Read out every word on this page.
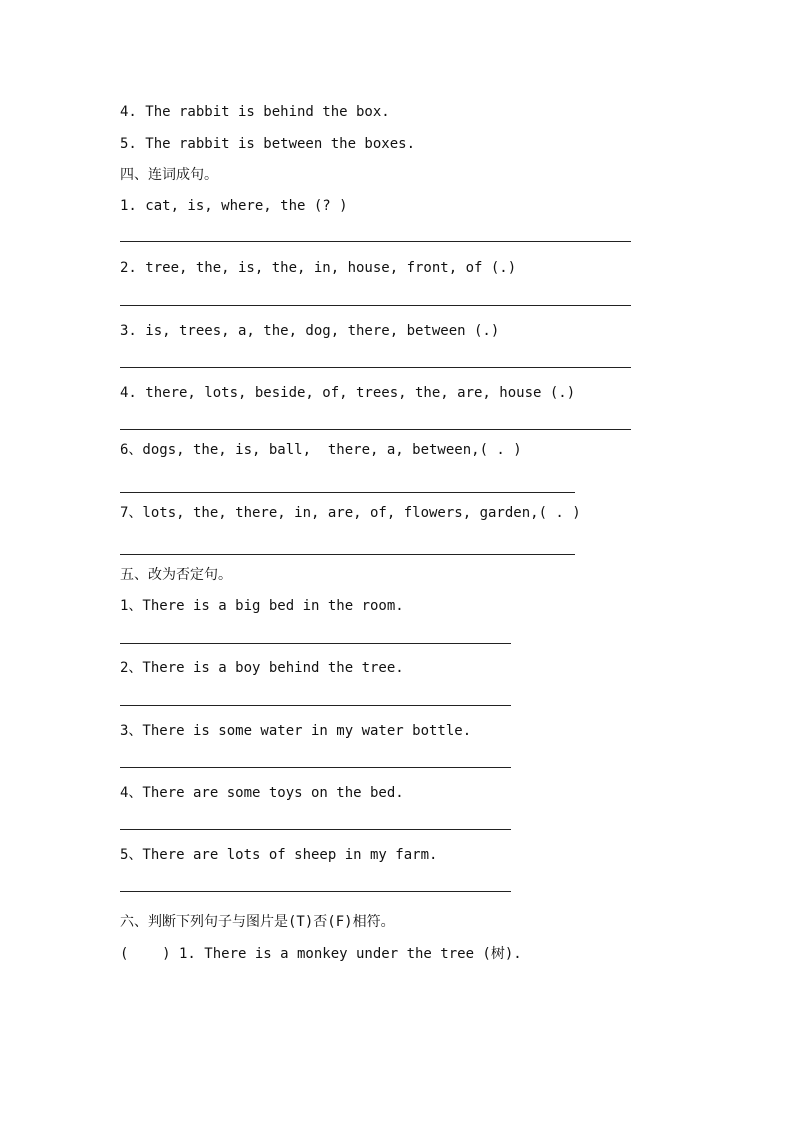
4. The rabbit is behind the box.
5. The rabbit is between the boxes.
四、连词成句。
1. cat, is, where, the (? )
2. tree, the, is, the, in, house, front, of (.)
3. is, trees, a, the, dog, there, between (.)
4. there, lots, beside, of, trees, the, are, house (.)
6、dogs, the, is, ball,  there, a, between,( . )
7、lots, the, there, in, are, of, flowers, garden,( . )
五、改为否定句。
1、There is a big bed in the room.
2、There is a boy behind the tree.
3、There is some water in my water bottle.
4、There are some toys on the bed.
5、There are lots of sheep in my farm.
六、判断下列句子与图片是(T)否(F)相符。
(    ) 1. There is a monkey under the tree (树).
